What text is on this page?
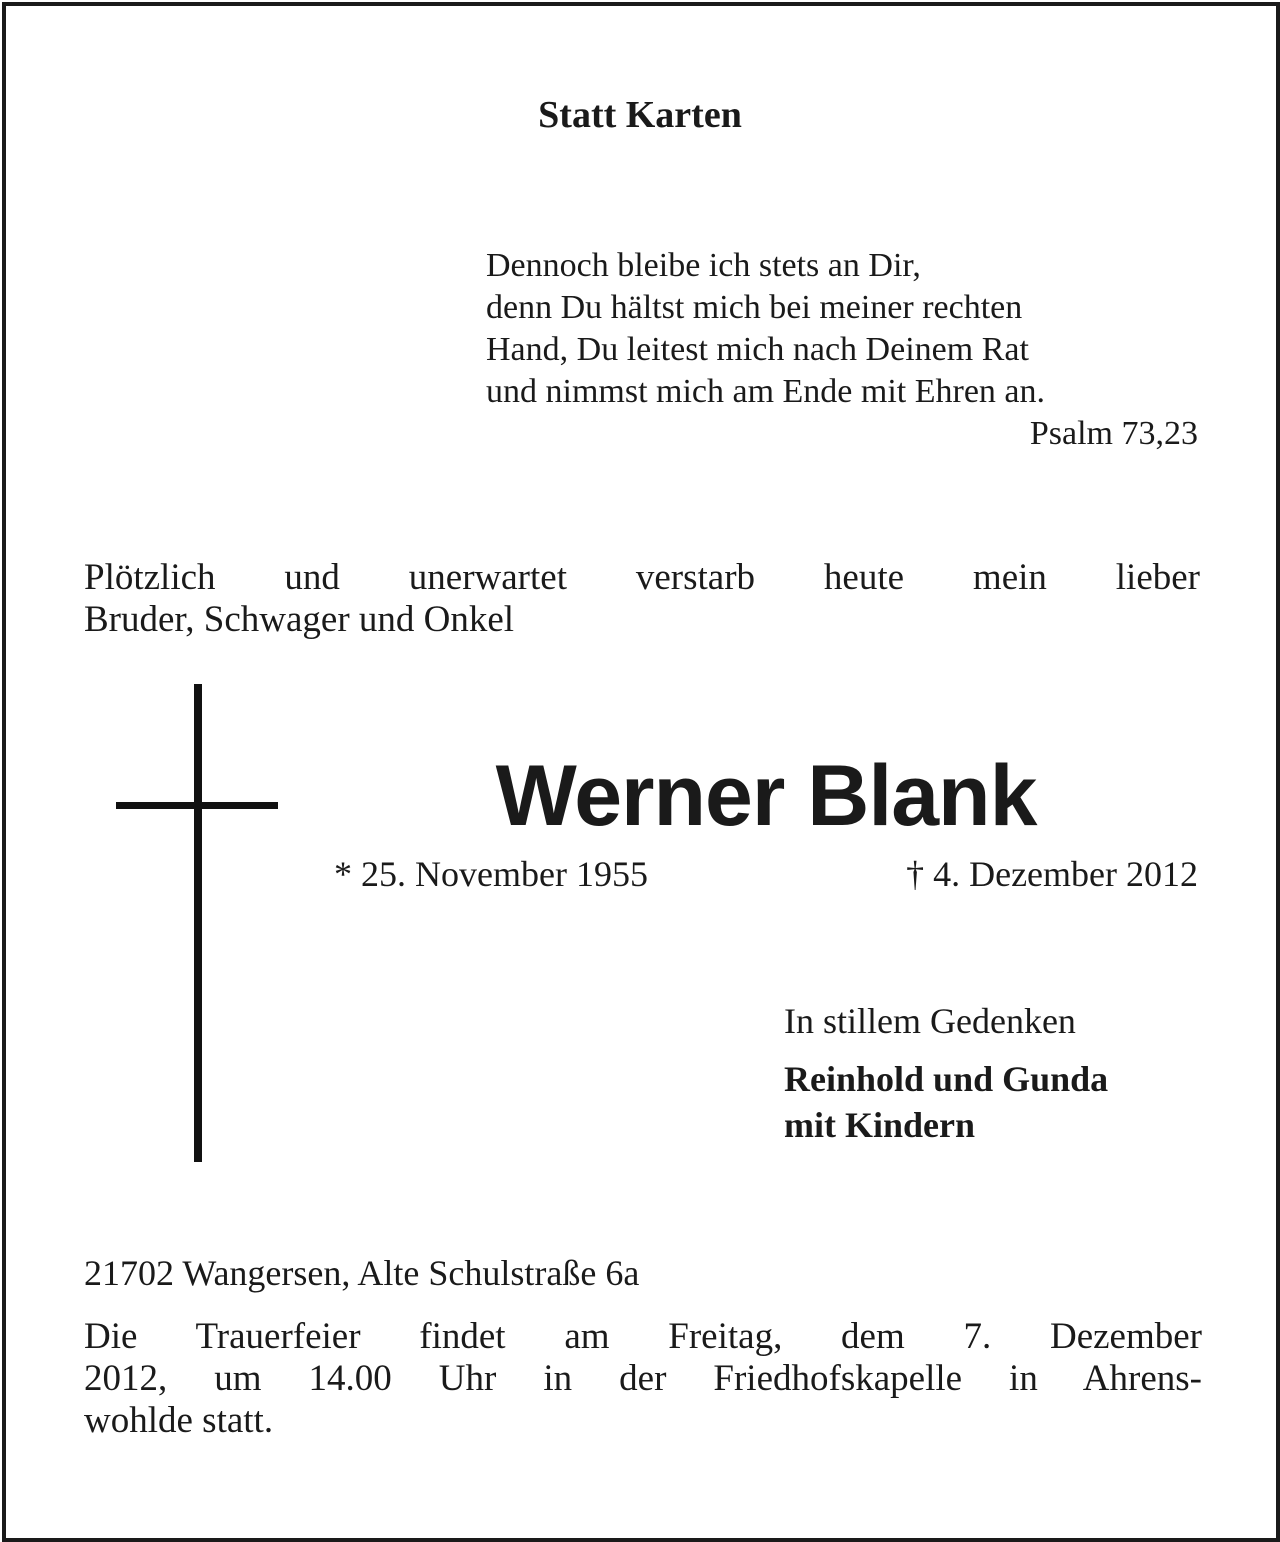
Statt Karten
Dennoch bleibe ich stets an Dir,
denn Du hältst mich bei meiner rechten
Hand, Du leitest mich nach Deinem Rat
und nimmst mich am Ende mit Ehren an.
Psalm 73,23
Plötzlich und unerwartet verstarb heute mein lieber
Bruder, Schwager und Onkel
Werner Blank
* 25. November 1955	† 4. Dezember 2012
In stillem Gedenken
Reinhold und Gunda
mit Kindern
21702 Wangersen, Alte Schulstraße 6a
Die Trauerfeier findet am Freitag, dem 7. Dezember
2012, um 14.00 Uhr in der Friedhofskapelle in Ahrens-
wohlde statt.
